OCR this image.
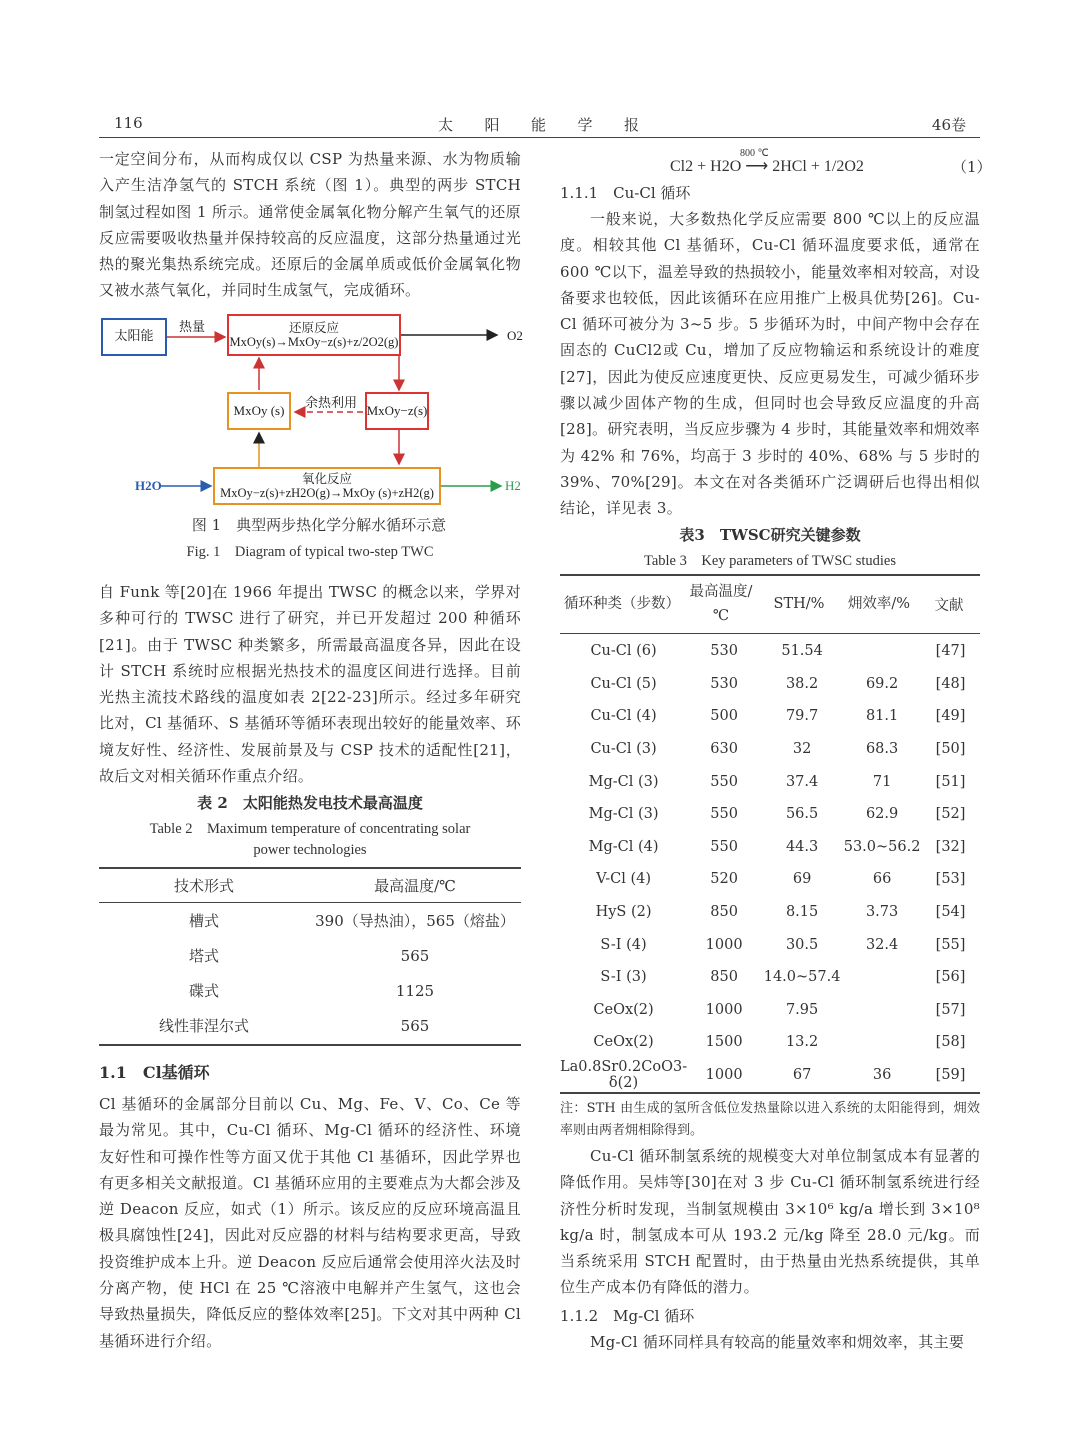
116	太　　阳　　能　　学　　报	46卷
一定空间分布，从而构成仅以 CSP 为热量来源、水为物质输入产生洁净氢气的 STCH 系统（图 1）。典型的两步 STCH 制氢过程如图 1 所示。通常使金属氧化物分解产生氧气的还原反应需要吸收热量并保持较高的反应温度，这部分热量通过光热的聚光集热系统完成。还原后的金属单质或低价金属氧化物又被水蒸气氧化，并同时生成氢气，完成循环。
太阳能
热量	还原反应
MxOy(s)→MxOy−z(s)+z/2O2(g)	O2
余热利用
MxOy (s)	MxOy−z(s)
氧化反应
MxOy−z(s)+zH2O(g)→MxOy (s)+zH2(g)
H2O	H2
图 1　典型两步热化学分解水循环示意
Fig. 1　Diagram of typical two-step TWC
自 Funk 等[20]在 1966 年提出 TWSC 的概念以来，学界对多种可行的 TWSC 进行了研究，并已开发超过 200 种循环[21]。由于 TWSC 种类繁多，所需最高温度各异，因此在设计 STCH 系统时应根据光热技术的温度区间进行选择。目前光热主流技术路线的温度如表 2[22-23]所示。经过多年研究比对，Cl 基循环、S 基循环等循环表现出较好的能量效率、环境友好性、经济性、发展前景及与 CSP 技术的适配性[21]，故后文对相关循环作重点介绍。
表 2　太阳能热发电技术最高温度
Table 2　Maximum temperature of concentrating solar
power technologies
技术形式	最高温度/℃
槽式	390（导热油），565（熔盐）
塔式	565
碟式	1125
线性菲涅尔式	565
1.1　Cl基循环
Cl 基循环的金属部分目前以 Cu、Mg、Fe、V、Co、Ce 等最为常见。其中，Cu-Cl 循环、Mg-Cl 循环的经济性、环境友好性和可操作性等方面又优于其他 Cl 基循环，因此学界也有更多相关文献报道。Cl 基循环应用的主要难点为大都会涉及逆 Deacon 反应，如式（1）所示。该反应的反应环境高温且极具腐蚀性[24]，因此对反应器的材料与结构要求更高，导致投资维护成本上升。逆 Deacon 反应后通常会使用淬火法及时分离产物，使 HCl 在 25 ℃溶液中电解并产生氢气，这也会导致热量损失，降低反应的整体效率[25]。下文对其中两种 Cl 基循环进行介绍。
Cl2 + H2O ⟶ 2HCl + 1/2O2
800 ℃
（1）
1.1.1　Cu-Cl 循环
一般来说，大多数热化学反应需要 800 ℃以上的反应温度。相较其他 Cl 基循环，Cu-Cl 循环温度要求低，通常在 600 ℃以下，温差导致的热损较小，能量效率相对较高，对设备要求也较低，因此该循环在应用推广上极具优势[26]。Cu-Cl 循环可被分为 3~5 步。5 步循环为时，中间产物中会存在固态的 CuCl2或 Cu，增加了反应物输运和系统设计的难度[27]，因此为使反应速度更快、反应更易发生，可减少循环步骤以减少固体产物的生成，但同时也会导致反应温度的升高[28]。研究表明，当反应步骤为 4 步时，其能量效率和㶲效率为 42% 和 76%，均高于 3 步时的 40%、68% 与 5 步时的 39%、70%[29]。本文在对各类循环广泛调研后也得出相似结论，详见表 3。
表3　TWSC研究关键参数
Table 3　Key parameters of TWSC studies
循环种类（步数）	最高温度/℃	STH/%	㶲效率/%	文献
Cu-Cl (6)	530	51.54		[47]
Cu-Cl (5)	530	38.2	69.2	[48]
Cu-Cl (4)	500	79.7	81.1	[49]
Cu-Cl (3)	630	32	68.3	[50]
Mg-Cl (3)	550	37.4	71	[51]
Mg-Cl (3)	550	56.5	62.9	[52]
Mg-Cl (4)	550	44.3	53.0~56.2	[32]
V-Cl (4)	520	69	66	[53]
HyS (2)	850	8.15	3.73	[54]
S-I (4)	1000	30.5	32.4	[55]
S-I (3)	850	14.0~57.4		[56]
CeOx(2)	1000	7.95		[57]
CeOx(2)	1500	13.2		[58]
La0.8Sr0.2CoO3-δ(2)	1000	67	36	[59]
注：STH 由生成的氢所含低位发热量除以进入系统的太阳能得到，㶲效率则由两者㶲相除得到。
Cu-Cl 循环制氢系统的规模变大对单位制氢成本有显著的降低作用。吴炜等[30]在对 3 步 Cu-Cl 循环制氢系统进行经济性分析时发现，当制氢规模由 3×10⁶ kg/a 增长到 3×10⁸ kg/a 时，制氢成本可从 193.2 元/kg 降至 28.0 元/kg。而当系统采用 STCH 配置时，由于热量由光热系统提供，其单位生产成本仍有降低的潜力。
1.1.2　Mg-Cl 循环
Mg-Cl 循环同样具有较高的能量效率和㶲效率，其主要
